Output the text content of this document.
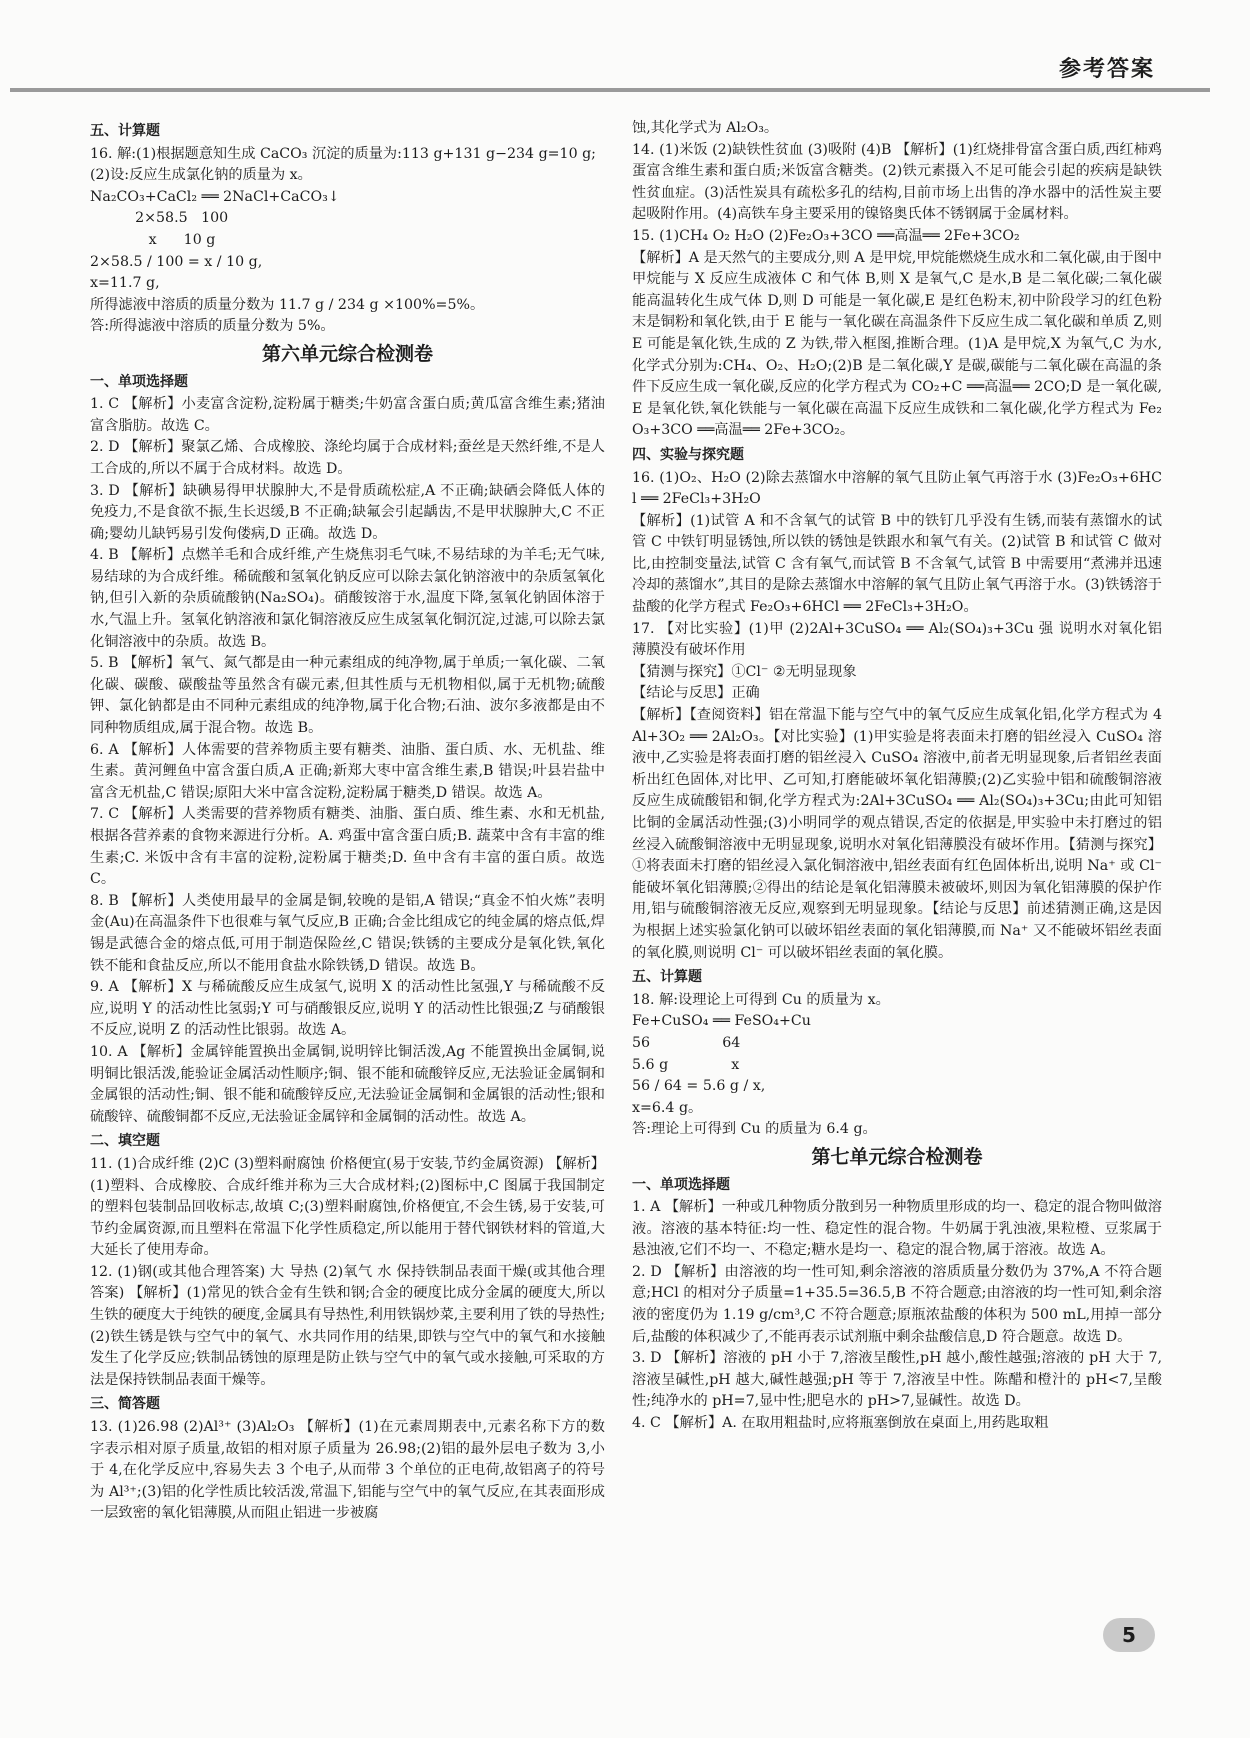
参考答案
五、计算题

16. 解:(1)根据题意知生成 CaCO₃ 沉淀的质量为:113 g+131 g−234 g=10 g;

(2)设:反应生成氯化钠的质量为 x。

Na₂CO₃+CaCl₂ ══ 2NaCl+CaCO₃↓

2×58.5   100

x      10 g

2×58.5 / 100 = x / 10 g,

x=11.7 g,

所得滤液中溶质的质量分数为 11.7 g / 234 g ×100%=5%。

答:所得滤液中溶质的质量分数为 5%。

第六单元综合检测卷
一、单项选择题

1. C 【解析】小麦富含淀粉,淀粉属于糖类;牛奶富含蛋白质;黄瓜富含维生素;猪油富含脂肪。故选 C。

2. D 【解析】聚氯乙烯、合成橡胶、涤纶均属于合成材料;蚕丝是天然纤维,不是人工合成的,所以不属于合成材料。故选 D。

3. D 【解析】缺碘易得甲状腺肿大,不是骨质疏松症,A 不正确;缺硒会降低人体的免疫力,不是食欲不振,生长迟缓,B 不正确;缺氟会引起龋齿,不是甲状腺肿大,C 不正确;婴幼儿缺钙易引发佝偻病,D 正确。故选 D。

4. B 【解析】点燃羊毛和合成纤维,产生烧焦羽毛气味,不易结球的为羊毛;无气味,易结球的为合成纤维。稀硫酸和氢氧化钠反应可以除去氯化钠溶液中的杂质氢氧化钠,但引入新的杂质硫酸钠(Na₂SO₄)。硝酸铵溶于水,温度下降,氢氧化钠固体溶于水,气温上升。氢氧化钠溶液和氯化铜溶液反应生成氢氧化铜沉淀,过滤,可以除去氯化铜溶液中的杂质。故选 B。

5. B 【解析】氧气、氮气都是由一种元素组成的纯净物,属于单质;一氧化碳、二氧化碳、碳酸、碳酸盐等虽然含有碳元素,但其性质与无机物相似,属于无机物;硫酸钾、氯化钠都是由不同种元素组成的纯净物,属于化合物;石油、波尔多液都是由不同种物质组成,属于混合物。故选 B。

6. A 【解析】人体需要的营养物质主要有糖类、油脂、蛋白质、水、无机盐、维生素。黄河鲤鱼中富含蛋白质,A 正确;新郑大枣中富含维生素,B 错误;叶县岩盐中富含无机盐,C 错误;原阳大米中富含淀粉,淀粉属于糖类,D 错误。故选 A。

7. C 【解析】人类需要的营养物质有糖类、油脂、蛋白质、维生素、水和无机盐,根据各营养素的食物来源进行分析。A. 鸡蛋中富含蛋白质;B. 蔬菜中含有丰富的维生素;C. 米饭中含有丰富的淀粉,淀粉属于糖类;D. 鱼中含有丰富的蛋白质。故选 C。

8. B 【解析】人类使用最早的金属是铜,较晚的是铝,A 错误;“真金不怕火炼”表明金(Au)在高温条件下也很难与氧气反应,B 正确;合金比组成它的纯金属的熔点低,焊锡是武德合金的熔点低,可用于制造保险丝,C 错误;铁锈的主要成分是氧化铁,氧化铁不能和食盐反应,所以不能用食盐水除铁锈,D 错误。故选 B。

9. A 【解析】X 与稀硫酸反应生成氢气,说明 X 的活动性比氢强,Y 与稀硫酸不反应,说明 Y 的活动性比氢弱;Y 可与硝酸银反应,说明 Y 的活动性比银强;Z 与硝酸银不反应,说明 Z 的活动性比银弱。故选 A。

10. A 【解析】金属锌能置换出金属铜,说明锌比铜活泼,Ag 不能置换出金属铜,说明铜比银活泼,能验证金属活动性顺序;铜、银不能和硫酸锌反应,无法验证金属铜和金属银的活动性;铜、银不能和硫酸锌反应,无法验证金属铜和金属银的活动性;银和硫酸锌、硫酸铜都不反应,无法验证金属锌和金属铜的活动性。故选 A。

二、填空题

11. (1)合成纤维 (2)C (3)塑料耐腐蚀 价格便宜(易于安装,节约金属资源) 【解析】(1)塑料、合成橡胶、合成纤维并称为三大合成材料;(2)图标中,C 图属于我国制定的塑料包装制品回收标志,故填 C;(3)塑料耐腐蚀,价格便宜,不会生锈,易于安装,可节约金属资源,而且塑料在常温下化学性质稳定,所以能用于替代钢铁材料的管道,大大延长了使用寿命。

12. (1)钢(或其他合理答案) 大 导热 (2)氧气 水 保持铁制品表面干燥(或其他合理答案) 【解析】(1)常见的铁合金有生铁和钢;合金的硬度比成分金属的硬度大,所以生铁的硬度大于纯铁的硬度,金属具有导热性,利用铁锅炒菜,主要利用了铁的导热性;(2)铁生锈是铁与空气中的氧气、水共同作用的结果,即铁与空气中的氧气和水接触发生了化学反应;铁制品锈蚀的原理是防止铁与空气中的氧气或水接触,可采取的方法是保持铁制品表面干燥等。

三、简答题

13. (1)26.98 (2)Al³⁺ (3)Al₂O₃ 【解析】(1)在元素周期表中,元素名称下方的数字表示相对原子质量,故铝的相对原子质量为 26.98;(2)铝的最外层电子数为 3,小于 4,在化学反应中,容易失去 3 个电子,从而带 3 个单位的正电荷,故铝离子的符号为 Al³⁺;(3)铝的化学性质比较活泼,常温下,铝能与空气中的氧气反应,在其表面形成一层致密的氧化铝薄膜,从而阻止铝进一步被腐

蚀,其化学式为 Al₂O₃。

14. (1)米饭 (2)缺铁性贫血 (3)吸附 (4)B 【解析】(1)红烧排骨富含蛋白质,西红柿鸡蛋富含维生素和蛋白质;米饭富含糖类。(2)铁元素摄入不足可能会引起的疾病是缺铁性贫血症。(3)活性炭具有疏松多孔的结构,目前市场上出售的净水器中的活性炭主要起吸附作用。(4)高铁车身主要采用的镍铬奥氏体不锈钢属于金属材料。

15. (1)CH₄ O₂ H₂O (2)Fe₂O₃+3CO ══高温══ 2Fe+3CO₂

【解析】A 是天然气的主要成分,则 A 是甲烷,甲烷能燃烧生成水和二氧化碳,由于图中甲烷能与 X 反应生成液体 C 和气体 B,则 X 是氧气,C 是水,B 是二氧化碳;二氧化碳能高温转化生成气体 D,则 D 可能是一氧化碳,E 是红色粉末,初中阶段学习的红色粉末是铜粉和氧化铁,由于 E 能与一氧化碳在高温条件下反应生成二氧化碳和单质 Z,则 E 可能是氧化铁,生成的 Z 为铁,带入框图,推断合理。(1)A 是甲烷,X 为氧气,C 为水,化学式分别为:CH₄、O₂、H₂O;(2)B 是二氧化碳,Y 是碳,碳能与二氧化碳在高温的条件下反应生成一氧化碳,反应的化学方程式为 CO₂+C ══高温══ 2CO;D 是一氧化碳,E 是氧化铁,氧化铁能与一氧化碳在高温下反应生成铁和二氧化碳,化学方程式为 Fe₂O₃+3CO ══高温══ 2Fe+3CO₂。

四、实验与探究题

16. (1)O₂、H₂O (2)除去蒸馏水中溶解的氧气且防止氧气再溶于水 (3)Fe₂O₃+6HCl ══ 2FeCl₃+3H₂O

【解析】(1)试管 A 和不含氧气的试管 B 中的铁钉几乎没有生锈,而装有蒸馏水的试管 C 中铁钉明显锈蚀,所以铁的锈蚀是铁跟水和氧气有关。(2)试管 B 和试管 C 做对比,由控制变量法,试管 C 含有氧气,而试管 B 不含氧气,试管 B 中需要用“煮沸并迅速冷却的蒸馏水”,其目的是除去蒸馏水中溶解的氧气且防止氧气再溶于水。(3)铁锈溶于盐酸的化学方程式 Fe₂O₃+6HCl ══ 2FeCl₃+3H₂O。

17. 【对比实验】(1)甲 (2)2Al+3CuSO₄ ══ Al₂(SO₄)₃+3Cu 强 说明水对氧化铝薄膜没有破坏作用

【猜测与探究】①Cl⁻ ②无明显现象

【结论与反思】正确

【解析】【查阅资料】铝在常温下能与空气中的氧气反应生成氧化铝,化学方程式为 4Al+3O₂ ══ 2Al₂O₃。【对比实验】(1)甲实验是将表面未打磨的铝丝浸入 CuSO₄ 溶液中,乙实验是将表面打磨的铝丝浸入 CuSO₄ 溶液中,前者无明显现象,后者铝丝表面析出红色固体,对比甲、乙可知,打磨能破坏氧化铝薄膜;(2)乙实验中铝和硫酸铜溶液反应生成硫酸铝和铜,化学方程式为:2Al+3CuSO₄ ══ Al₂(SO₄)₃+3Cu;由此可知铝比铜的金属活动性强;(3)小明同学的观点错误,否定的依据是,甲实验中未打磨过的铝丝浸入硫酸铜溶液中无明显现象,说明水对氧化铝薄膜没有破坏作用。【猜测与探究】①将表面未打磨的铝丝浸入氯化铜溶液中,铝丝表面有红色固体析出,说明 Na⁺ 或 Cl⁻ 能破坏氧化铝薄膜;②得出的结论是氧化铝薄膜未被破坏,则因为氧化铝薄膜的保护作用,铝与硫酸铜溶液无反应,观察到无明显现象。【结论与反思】前述猜测正确,这是因为根据上述实验氯化钠可以破坏铝丝表面的氧化铝薄膜,而 Na⁺ 又不能破坏铝丝表面的氧化膜,则说明 Cl⁻ 可以破坏铝丝表面的氧化膜。

五、计算题

18. 解:设理论上可得到 Cu 的质量为 x。

Fe+CuSO₄ ══ FeSO₄+Cu

56                64

5.6 g              x

56 / 64 = 5.6 g / x,

x=6.4 g。

答:理论上可得到 Cu 的质量为 6.4 g。

第七单元综合检测卷
一、单项选择题

1. A 【解析】一种或几种物质分散到另一种物质里形成的均一、稳定的混合物叫做溶液。溶液的基本特征:均一性、稳定性的混合物。牛奶属于乳浊液,果粒橙、豆浆属于悬浊液,它们不均一、不稳定;糖水是均一、稳定的混合物,属于溶液。故选 A。

2. D 【解析】由溶液的均一性可知,剩余溶液的溶质质量分数仍为 37%,A 不符合题意;HCl 的相对分子质量=1+35.5=36.5,B 不符合题意;由溶液的均一性可知,剩余溶液的密度仍为 1.19 g/cm³,C 不符合题意;原瓶浓盐酸的体积为 500 mL,用掉一部分后,盐酸的体积减少了,不能再表示试剂瓶中剩余盐酸信息,D 符合题意。故选 D。

3. D 【解析】溶液的 pH 小于 7,溶液呈酸性,pH 越小,酸性越强;溶液的 pH 大于 7,溶液呈碱性,pH 越大,碱性越强;pH 等于 7,溶液呈中性。陈醋和橙汁的 pH<7,呈酸性;纯净水的 pH=7,显中性;肥皂水的 pH>7,显碱性。故选 D。

4. C 【解析】A. 在取用粗盐时,应将瓶塞倒放在桌面上,用药匙取粗

5
